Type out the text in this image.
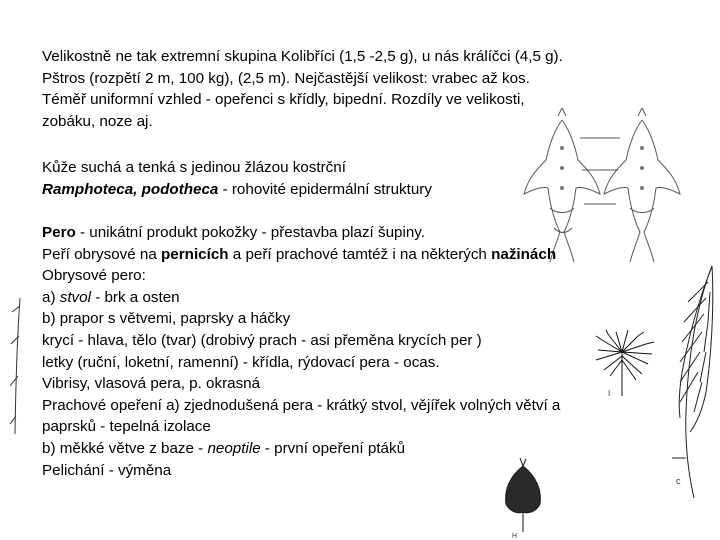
c
I
H
Velikostně ne tak extremní skupina Kolibříci (1,5 -2,5 g), u nás králíčci (4,5 g).
Pštros (rozpětí 2 m, 100 kg), (2,5 m). Nejčastější velikost: vrabec až kos.
Téměř uniformní vzhled - opeřenci s křídly, bipední. Rozdíly ve velikosti,
zobáku, noze aj.
Kůže suchá a tenká s jedinou žlázou kostrční
Ramphoteca, podotheca - rohovité epidermální struktury
Pero - unikátní produkt pokožky - přestavba plazí šupiny.
Peří obrysové na pernicích a peří prachové tamtéž i na některých nažinách
Obrysové pero:
a) stvol - brk a osten
b) prapor s větvemi, paprsky a háčky
krycí - hlava, tělo (tvar) (drobivý prach - asi přeměna krycích per )
letky (ruční, loketní, ramenní) - křídla, rýdovací pera - ocas.
Vibrisy, vlasová pera, p. okrasná
Prachové opeření a) zjednodušená pera - krátký stvol, vějířek volných větví a
paprsků - tepelná izolace
b) měkké větve z baze - neoptile - první opeření ptáků
Pelichání - výměna
